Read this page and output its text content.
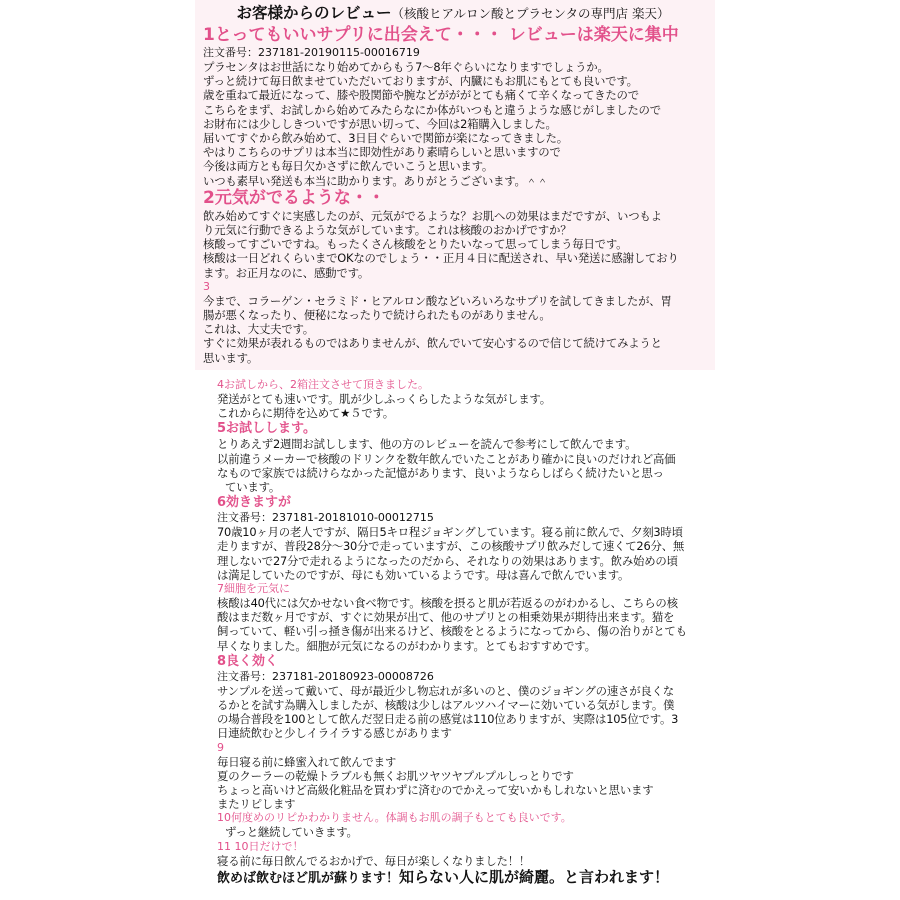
お客様からのレビュー（核酸ヒアルロン酸とプラセンタの専門店 楽天）
1とってもいいサプリに出会えて・・・ レビューは楽天に集中
注文番号：237181-20190115-00016719

プラセンタはお世話になり始めてからもう7〜8年ぐらいになりますでしょうか。

ずっと続けて毎日飲ませていただいておりますが、内臓にもお肌にもとても良いです。

歳を重ねて最近になって、膝や股関節や腕などがががとても痛くて辛くなってきたので

こちらをまず、お試しから始めてみたらなにか体がいつもと違うような感じがしましたので

お財布には少ししきついですが思い切って、今回は2箱購入しました。

届いてすぐから飲み始めて、3日目ぐらいで関節が楽になってきました。

やはりこちらのサプリは本当に即効性があり素晴らしいと思いますので

今後は両方とも毎日欠かさずに飲んでいこうと思います。

いつも素早い発送も本当に助かります。ありがとうございます。＾＾

2元気がでるような・・

飲み始めてすぐに実感したのが、元気がでるような？お肌への効果はまだですが、いつもよ

り元気に行動できるような気がしています。これは核酸のおかげですか？

核酸ってすごいですね。もったくさん核酸をとりたいなって思ってしまう毎日です。

核酸は一日どれくらいまでOKなのでしょう・・正月４日に配送され、早い発送に感謝しており

ます。お正月なのに、感動です。

3

今まで、コラーゲン・セラミド・ヒアルロン酸などいろいろなサプリを試してきましたが、胃

腸が悪くなったり、便秘になったりで続けられたものがありません。

これは、大丈夫です。

すぐに効果が表れるものではありませんが、飲んでいて安心するので信じて続けてみようと

思います。

4お試しから、2箱注文させて頂きました。

発送がとても速いです。肌が少しふっくらしたような気がします。

これからに期待を込めて★５です。

5お試しします。

とりあえず2週間お試しします、他の方のレビューを読んで参考にして飲んでます。

以前違うメーカーで核酸のドリンクを数年飲んでいたことがあり確かに良いのだけれど高価

なもので家族では続けらなかった記憶があります、良いようならしばらく続けたいと思っ

ています。

6効きますが
注文番号：237181-20181010-00012715

70歳10ヶ月の老人ですが、隔日5キロ程ジョギングしています。寝る前に飲んで、夕刻3時頃

走りますが、普段28分〜30分で走っていますが、この核酸サプリ飲みだして速くて26分、無

理しないで27分で走れるようになったのだから、それなりの効果はあります。飲み始めの頃

は満足していたのですが、母にも効いているようです。母は喜んで飲んでいます。

7細胞を元気に

核酸は40代には欠かせない食べ物です。核酸を摂ると肌が若返るのがわかるし、こちらの核

酸はまだ数ヶ月ですが、すぐに効果が出て、他のサプリとの相乗効果が期待出来ます。猫を

飼っていて、軽い引っ掻き傷が出来るけど、核酸をとるようになってから、傷の治りがとても

早くなりました。細胞が元気になるのがわかります。とてもおすすめです。

8良く効く
注文番号：237181-20180923-00008726

サンプルを送って戴いて、母が最近少し物忘れが多いのと、僕のジョギングの速さが良くな

るかとを試す為購入しましたが、核酸は少しはアルツハイマーに効いている気がします。僕

の場合普段を100として飲んだ翌日走る前の感覚は110位ありますが、実際は105位です。3

日連続飲むと少しイライラする感じがあります

9

毎日寝る前に蜂蜜入れて飲んでます

夏のクーラーの乾燥トラブルも無くお肌ツヤツヤプルプルしっとりです

ちょっと高いけど高級化粧品を買わずに済むのでかえって安いかもしれないと思います

またリピします

10何度めのリピかわかりません。体調もお肌の調子もとても良いです。

ずっと継続していきます。

11 10日だけで！

寝る前に毎日飲んでるおかげで、毎日が楽しくなりました！！

飲めば飲むほど肌が蘇ります！知らない人に肌が綺麗。と言われます！
